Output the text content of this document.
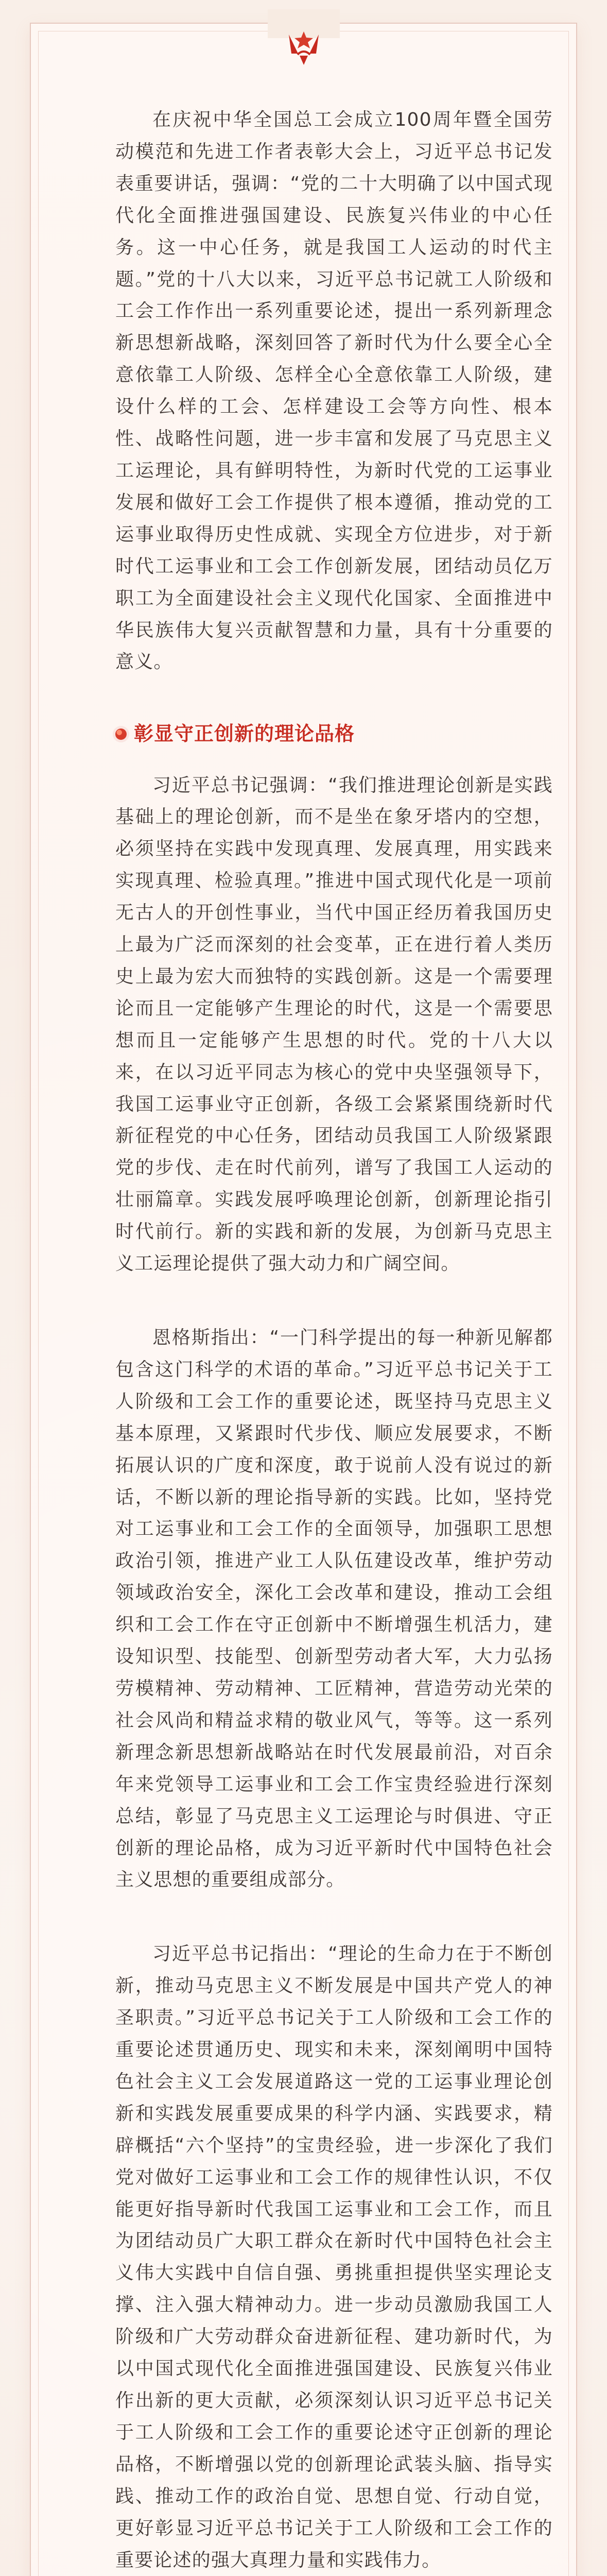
在庆祝中华全国总工会成立100周年暨全国劳动模范和先进工作者表彰大会上，习近平总书记发表重要讲话，强调：“党的二十大明确了以中国式现代化全面推进强国建设、民族复兴伟业的中心任务。这一中心任务，就是我国工人运动的时代主题。”党的十八大以来，习近平总书记就工人阶级和工会工作作出一系列重要论述，提出一系列新理念新思想新战略，深刻回答了新时代为什么要全心全意依靠工人阶级、怎样全心全意依靠工人阶级，建设什么样的工会、怎样建设工会等方向性、根本性、战略性问题，进一步丰富和发展了马克思主义工运理论，具有鲜明特性，为新时代党的工运事业发展和做好工会工作提供了根本遵循，推动党的工运事业取得历史性成就、实现全方位进步，对于新时代工运事业和工会工作创新发展，团结动员亿万职工为全面建设社会主义现代化国家、全面推进中华民族伟大复兴贡献智慧和力量，具有十分重要的意义。

彰显守正创新的理论品格

习近平总书记强调：“我们推进理论创新是实践基础上的理论创新，而不是坐在象牙塔内的空想，必须坚持在实践中发现真理、发展真理，用实践来实现真理、检验真理。”推进中国式现代化是一项前无古人的开创性事业，当代中国正经历着我国历史上最为广泛而深刻的社会变革，正在进行着人类历史上最为宏大而独特的实践创新。这是一个需要理论而且一定能够产生理论的时代，这是一个需要思想而且一定能够产生思想的时代。党的十八大以来，在以习近平同志为核心的党中央坚强领导下，我国工运事业守正创新，各级工会紧紧围绕新时代新征程党的中心任务，团结动员我国工人阶级紧跟党的步伐、走在时代前列，谱写了我国工人运动的壮丽篇章。实践发展呼唤理论创新，创新理论指引时代前行。新的实践和新的发展，为创新马克思主义工运理论提供了强大动力和广阔空间。

恩格斯指出：“一门科学提出的每一种新见解都包含这门科学的术语的革命。”习近平总书记关于工人阶级和工会工作的重要论述，既坚持马克思主义基本原理，又紧跟时代步伐、顺应发展要求，不断拓展认识的广度和深度，敢于说前人没有说过的新话，不断以新的理论指导新的实践。比如，坚持党对工运事业和工会工作的全面领导，加强职工思想政治引领，推进产业工人队伍建设改革，维护劳动领域政治安全，深化工会改革和建设，推动工会组织和工会工作在守正创新中不断增强生机活力，建设知识型、技能型、创新型劳动者大军，大力弘扬劳模精神、劳动精神、工匠精神，营造劳动光荣的社会风尚和精益求精的敬业风气，等等。这一系列新理念新思想新战略站在时代发展最前沿，对百余年来党领导工运事业和工会工作宝贵经验进行深刻总结，彰显了马克思主义工运理论与时俱进、守正创新的理论品格，成为习近平新时代中国特色社会主义思想的重要组成部分。

习近平总书记指出：“理论的生命力在于不断创新，推动马克思主义不断发展是中国共产党人的神圣职责。”习近平总书记关于工人阶级和工会工作的重要论述贯通历史、现实和未来，深刻阐明中国特色社会主义工会发展道路这一党的工运事业理论创新和实践发展重要成果的科学内涵、实践要求，精辟概括“六个坚持”的宝贵经验，进一步深化了我们党对做好工运事业和工会工作的规律性认识，不仅能更好指导新时代我国工运事业和工会工作，而且为团结动员广大职工群众在新时代中国特色社会主义伟大实践中自信自强、勇挑重担提供坚实理论支撑、注入强大精神动力。进一步动员激励我国工人阶级和广大劳动群众奋进新征程、建功新时代，为以中国式现代化全面推进强国建设、民族复兴伟业作出新的更大贡献，必须深刻认识习近平总书记关于工人阶级和工会工作的重要论述守正创新的理论品格，不断增强以党的创新理论武装头脑、指导实践、推动工作的政治自觉、思想自觉、行动自觉，更好彰显习近平总书记关于工人阶级和工会工作的重要论述的强大真理力量和实践伟力。
